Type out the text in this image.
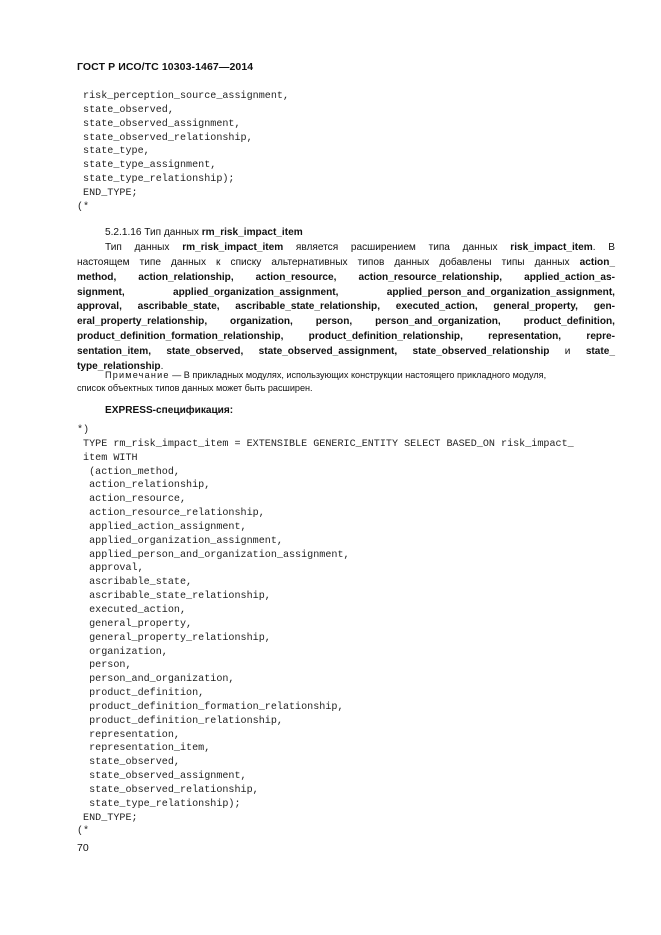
ГОСТ Р ИСО/ТС 10303-1467—2014
risk_perception_source_assignment,
state_observed,
state_observed_assignment,
state_observed_relationship,
state_type,
state_type_assignment,
state_type_relationship);
END_TYPE;
(*
5.2.1.16 Тип данных rm_risk_impact_item
Тип данных rm_risk_impact_item является расширением типа данных risk_impact_item. В
настоящем типе данных к списку альтернативных типов данных добавлены типы данных action_
method, action_relationship, action_resource, action_resource_relationship, applied_action_as-
signment, applied_organization_assignment, applied_person_and_organization_assignment,
approval, ascribable_state, ascribable_state_relationship, executed_action, general_property, gen-
eral_property_relationship, organization, person, person_and_organization, product_definition,
product_definition_formation_relationship, product_definition_relationship, representation, repre-
sentation_item, state_observed, state_observed_assignment, state_observed_relationship и state_
type_relationship.
Примечание — В прикладных модулях, использующих конструкции настоящего прикладного модуля,
список объектных типов данных может быть расширен.
EXPRESS-спецификация:
*)
TYPE rm_risk_impact_item = EXTENSIBLE GENERIC_ENTITY SELECT BASED_ON risk_impact_
item WITH
(action_method,
action_relationship,
action_resource,
action_resource_relationship,
applied_action_assignment,
applied_organization_assignment,
applied_person_and_organization_assignment,
approval,
ascribable_state,
ascribable_state_relationship,
executed_action,
general_property,
general_property_relationship,
organization,
person,
person_and_organization,
product_definition,
product_definition_formation_relationship,
product_definition_relationship,
representation,
representation_item,
state_observed,
state_observed_assignment,
state_observed_relationship,
state_type_relationship);
END_TYPE;
(*
70
